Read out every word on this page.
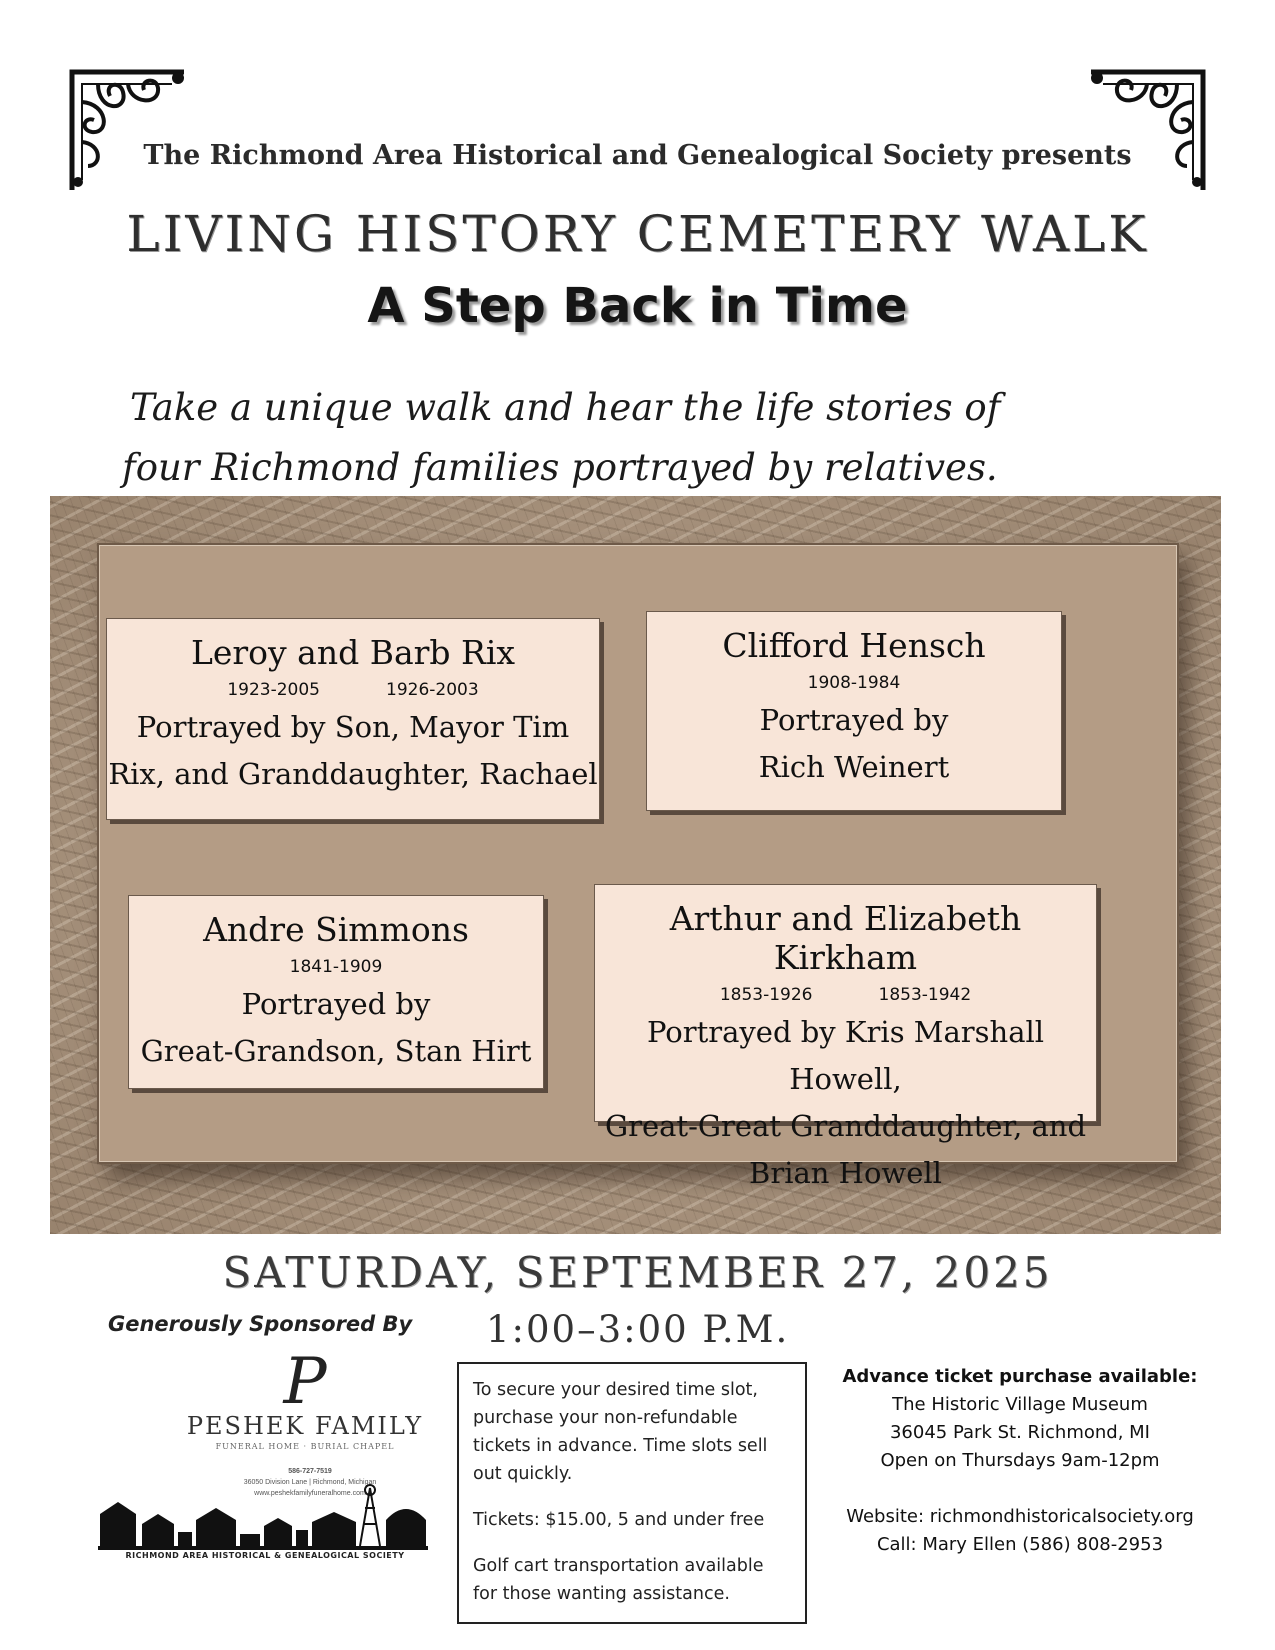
The Richmond Area Historical and Genealogical Society presents
LIVING HISTORY CEMETERY WALK
A Step Back in Time
Take a unique walk and hear the life stories of
four Richmond families portrayed by relatives.
Leroy and Barb Rix
1923-2005	1926-2003
Portrayed by Son, Mayor Tim
Rix, and Granddaughter, Rachael
Clifford Hensch
1908-1984
Portrayed by
Rich Weinert
Andre Simmons
1841-1909
Portrayed by
Great-Grandson, Stan Hirt
Arthur and Elizabeth Kirkham
1853-1926	1853-1942
Portrayed by Kris Marshall Howell,
Great-Great Granddaughter, and
Brian Howell
SATURDAY, SEPTEMBER 27, 2025
1:00–3:00 P.M.
Generously Sponsored By
P
PESHEK FAMILY
FUNERAL HOME · BURIAL CHAPEL
586-727-7519
36050 Division Lane | Richmond, Michigan
www.peshekfamilyfuneralhome.com
RICHMOND AREA HISTORICAL & GENEALOGICAL SOCIETY

To secure your desired time slot, purchase your non-refundable tickets in advance. Time slots sell out quickly.

Tickets: $15.00, 5 and under free

Golf cart transportation available for those wanting assistance.

Advance ticket purchase available:
The Historic Village Museum
36045 Park St. Richmond, MI
Open on Thursdays 9am-12pm
Website: richmondhistoricalsociety.org
Call: Mary Ellen (586) 808-2953
